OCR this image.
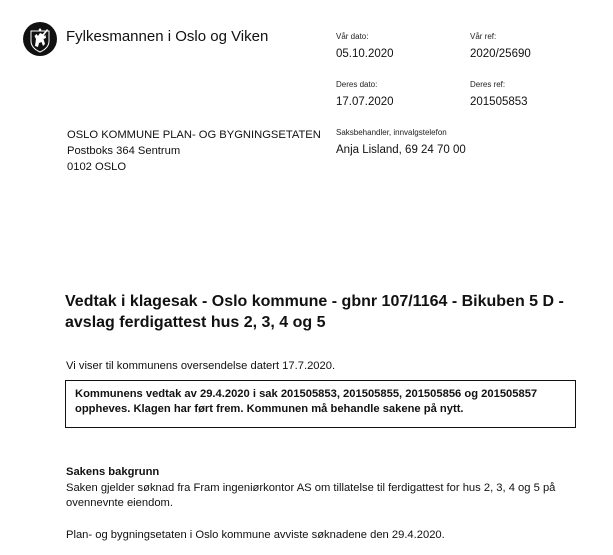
Fylkesmannen i Oslo og Viken	Vår dato:
05.10.2020
Vår ref:
2020/25690
Deres dato:
17.07.2020
Deres ref:
201505853
Saksbehandler, innvalgstelefon
Anja Lisland, 69 24 70 00
OSLO KOMMUNE PLAN- OG BYGNINGSETATEN
Postboks 364 Sentrum
0102 OSLO
Vedtak i klagesak - Oslo kommune - gbnr 107/1164 - Bikuben 5 D - avslag ferdigattest hus 2, 3, 4 og 5
Vi viser til kommunens oversendelse datert 17.7.2020.
Kommunens vedtak av 29.4.2020 i sak 201505853, 201505855, 201505856 og 201505857 oppheves. Klagen har ført frem. Kommunen må behandle sakene på nytt.
Sakens bakgrunn
Saken gjelder søknad fra Fram ingeniørkontor AS om tillatelse til ferdigattest for hus 2, 3, 4 og 5 på ovennevnte eiendom.
Plan- og bygningsetaten i Oslo kommune avviste søknadene den 29.4.2020.
